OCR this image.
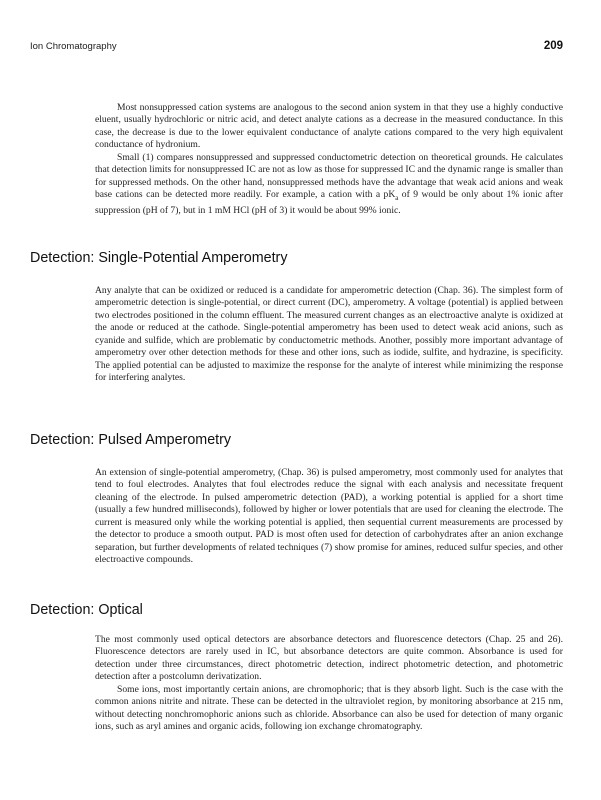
Ion Chromatography	209

Most nonsuppressed cation systems are analogous to the second anion system in that they use a highly conductive eluent, usually hydrochloric or nitric acid, and detect analyte cations as a decrease in the measured conductance. In this case, the decrease is due to the lower equivalent conductance of analyte cations compared to the very high equivalent conductance of hydronium.

Small (1) compares nonsuppressed and suppressed conductometric detection on theoretical grounds. He calculates that detection limits for nonsuppressed IC are not as low as those for suppressed IC and the dynamic range is smaller than for suppressed methods. On the other hand, nonsuppressed methods have the advantage that weak acid anions and weak base cations can be detected more readily. For example, a cation with a $pK_a$ of 9 would be only about 1% ionic after suppression (pH of 7), but in 1 mM HCl (pH of 3) it would be about 99% ionic.

Detection: Single-Potential Amperometry

Any analyte that can be oxidized or reduced is a candidate for amperometric detection (Chap. 36). The simplest form of amperometric detection is single-potential, or direct current (DC), amperometry. A voltage (potential) is applied between two electrodes positioned in the column effluent. The measured current changes as an electroactive analyte is oxidized at the anode or reduced at the cathode. Single-potential amperometry has been used to detect weak acid anions, such as cyanide and sulfide, which are problematic by conductometric methods. Another, possibly more important advantage of amperometry over other detection methods for these and other ions, such as iodide, sulfite, and hydrazine, is specificity. The applied potential can be adjusted to maximize the response for the analyte of interest while minimizing the response for interfering analytes.

Detection: Pulsed Amperometry

An extension of single-potential amperometry, (Chap. 36) is pulsed amperometry, most commonly used for analytes that tend to foul electrodes. Analytes that foul electrodes reduce the signal with each analysis and necessitate frequent cleaning of the electrode. In pulsed amperometric detection (PAD), a working potential is applied for a short time (usually a few hundred milliseconds), followed by higher or lower potentials that are used for cleaning the electrode. The current is measured only while the working potential is applied, then sequential current measurements are processed by the detector to produce a smooth output. PAD is most often used for detection of carbohydrates after an anion exchange separation, but further developments of related techniques (7) show promise for amines, reduced sulfur species, and other electroactive compounds.

Detection: Optical

The most commonly used optical detectors are absorbance detectors and fluorescence detectors (Chap. 25 and 26). Fluorescence detectors are rarely used in IC, but absorbance detectors are quite common. Absorbance is used for detection under three circumstances, direct photometric detection, indirect photometric detection, and photometric detection after a postcolumn derivatization.

Some ions, most importantly certain anions, are chromophoric; that is they absorb light. Such is the case with the common anions nitrite and nitrate. These can be detected in the ultraviolet region, by monitoring absorbance at 215 nm, without detecting nonchromophoric anions such as chloride. Absorbance can also be used for detection of many organic ions, such as aryl amines and organic acids, following ion exchange chromatography.
